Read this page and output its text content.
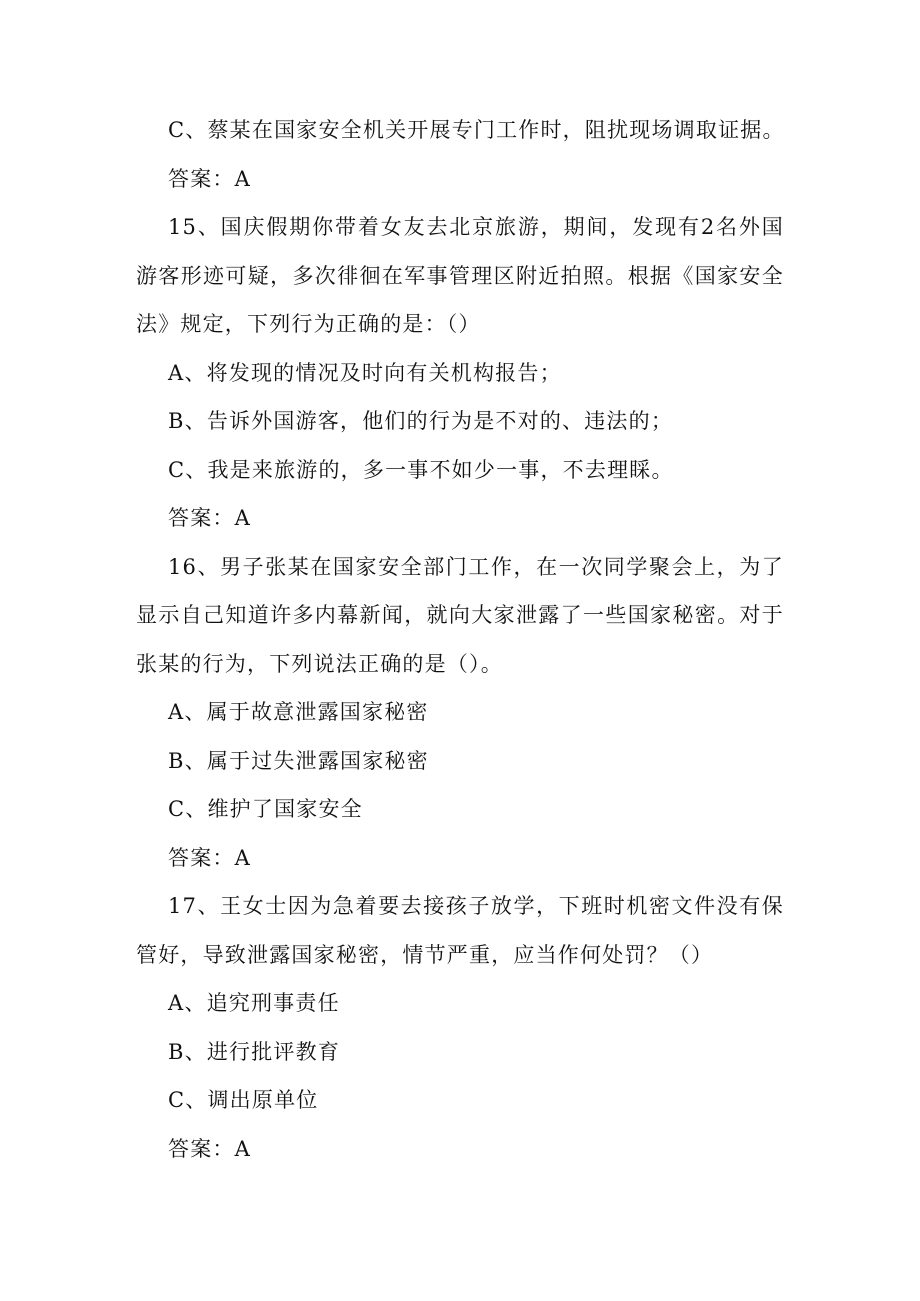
C、蔡某在国家安全机关开展专门工作时，阻扰现场调取证据。
答案：A

15、国庆假期你带着女友去北京旅游，期间，发现有2名外国游客形迹可疑，多次徘徊在军事管理区附近拍照。根据《国家安全法》规定，下列行为正确的是：（）

A、将发现的情况及时向有关机构报告；
B、告诉外国游客，他们的行为是不对的、违法的；
C、我是来旅游的，多一事不如少一事，不去理睬。
答案：A

16、男子张某在国家安全部门工作，在一次同学聚会上，为了显示自己知道许多内幕新闻，就向大家泄露了一些国家秘密。对于张某的行为，下列说法正确的是（）。

A、属于故意泄露国家秘密
B、属于过失泄露国家秘密
C、维护了国家安全
答案：A

17、王女士因为急着要去接孩子放学，下班时机密文件没有保管好，导致泄露国家秘密，情节严重，应当作何处罚？（）

A、追究刑事责任
B、进行批评教育
C、调出原单位
答案：A
